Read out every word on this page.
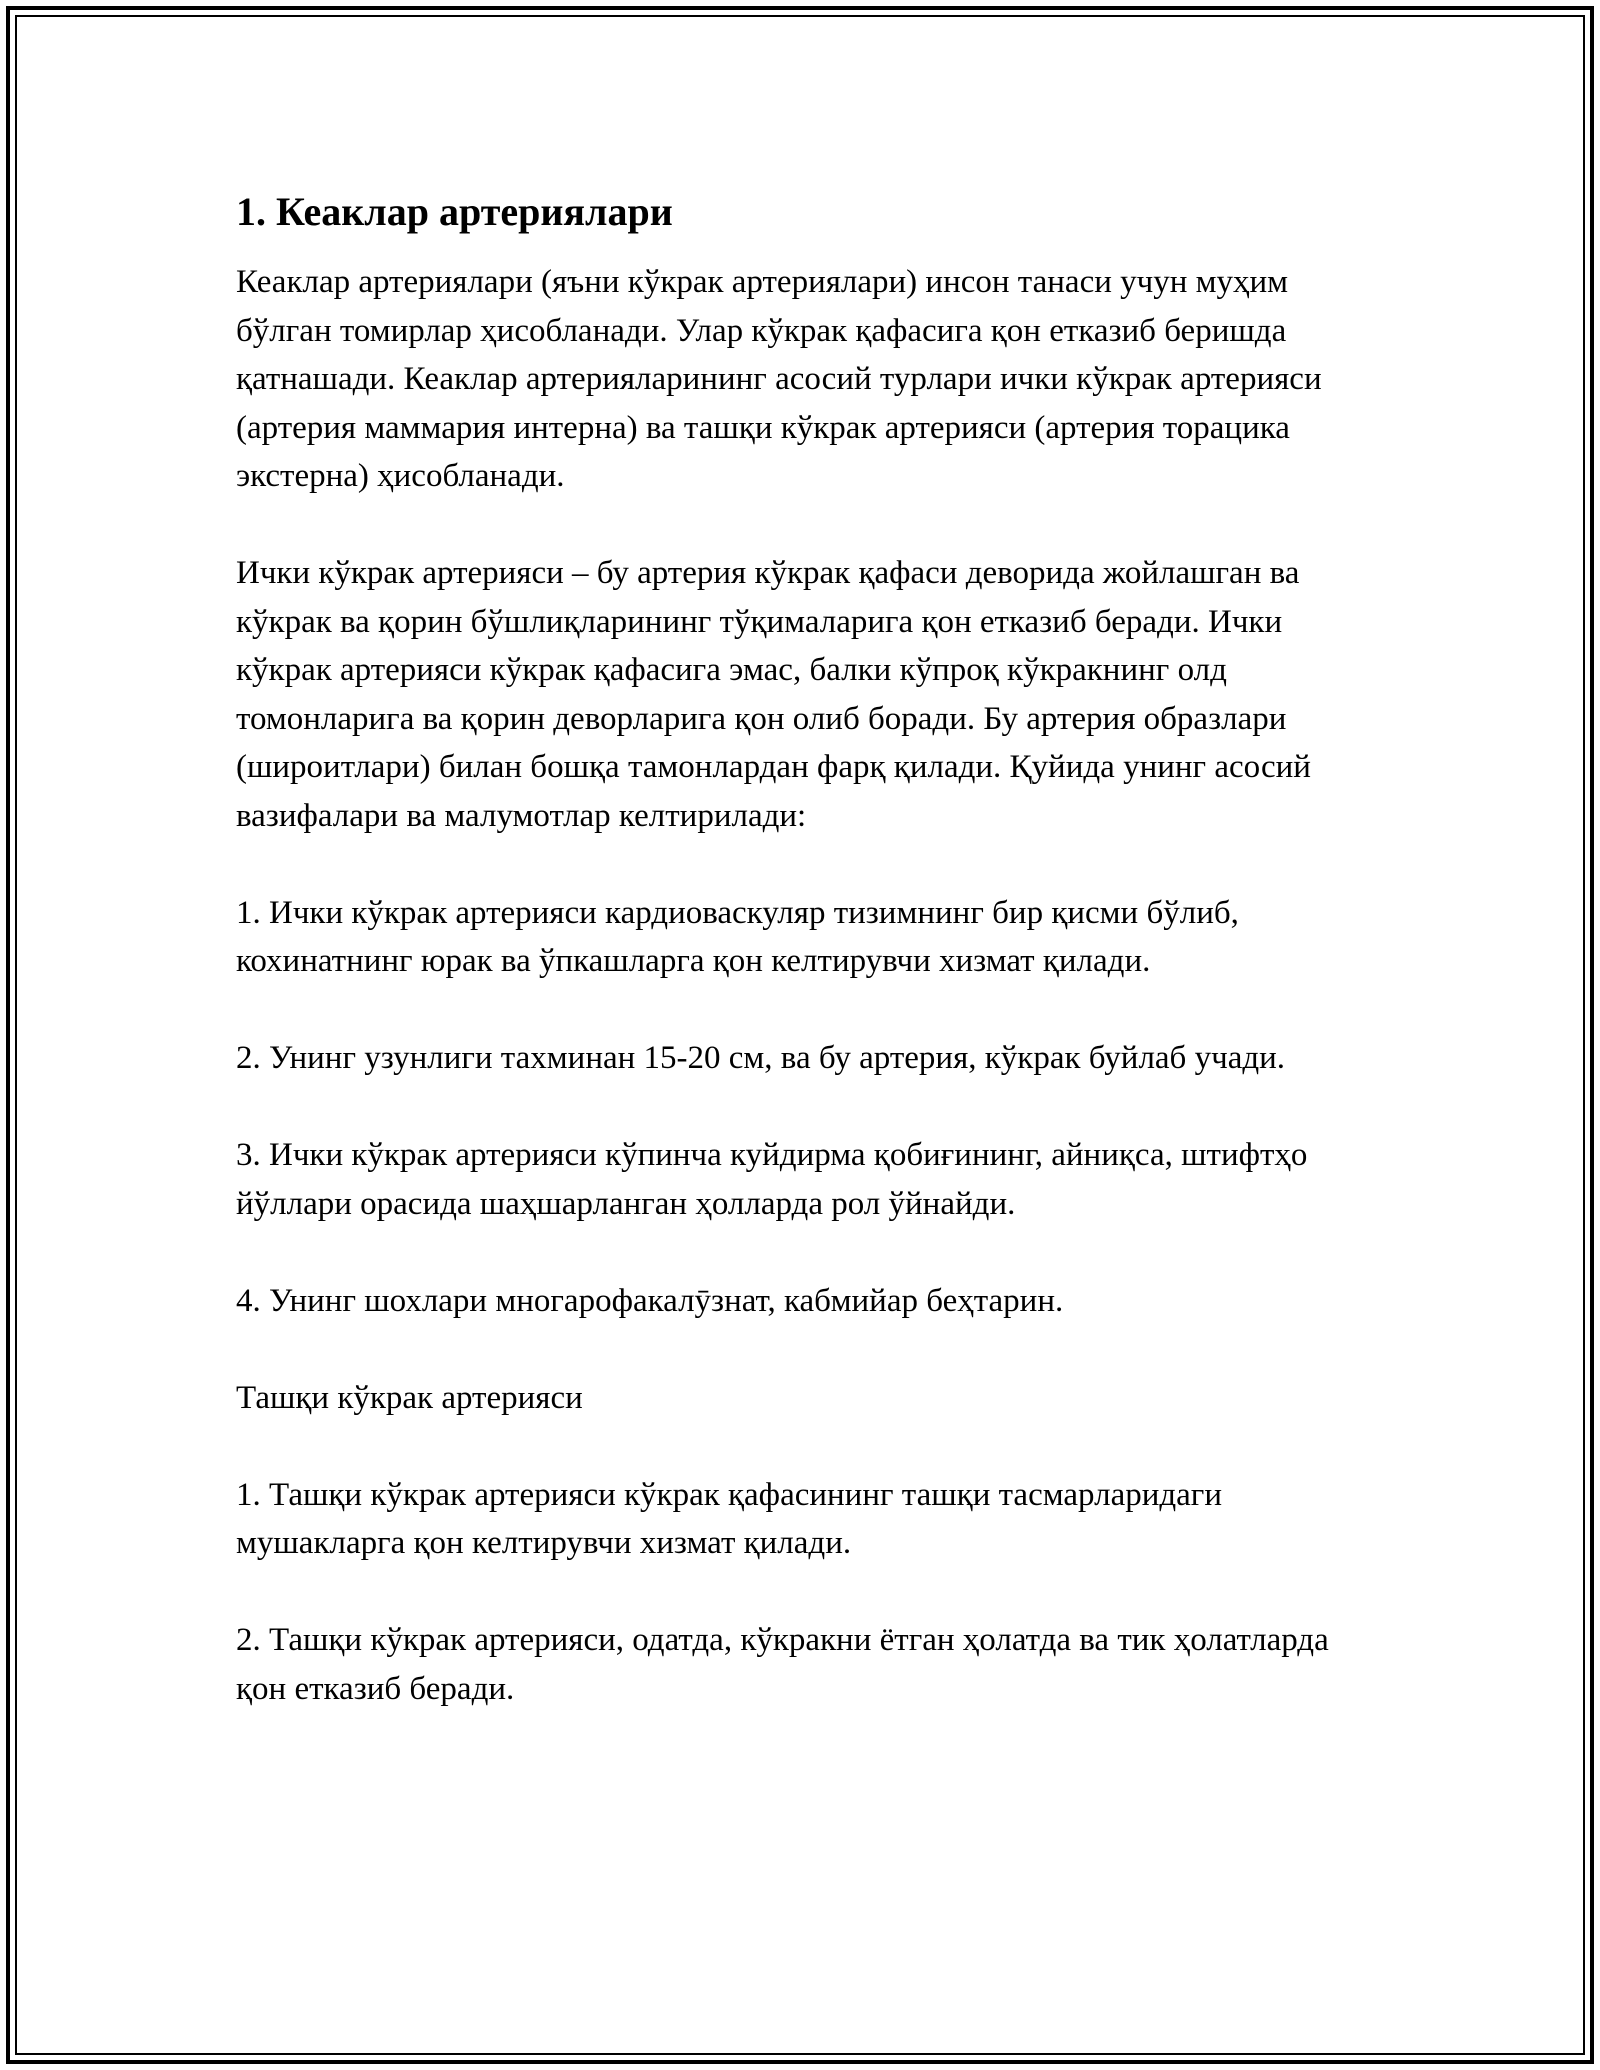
1. Кеаклар артериялари

Кеаклар артериялари (яъни кўкрак артериялари) инсон танаси учун муҳим бўлган томирлар ҳисобланади. Улар кўкрак қафасига қон етказиб беришда қатнашади. Кеаклар артерияларининг асосий турлари ички кўкрак артерияси (артерия маммария интерна) ва ташқи кўкрак артерияси (артерия торацика экстерна) ҳисобланади.

Ички кўкрак артерияси – бу артерия кўкрак қафаси деворида жойлашган ва кўкрак ва қорин бўшлиқларининг тўқималарига қон етказиб беради. Ички кўкрак артерияси кўкрак қафасига эмас, балки кўпроқ кўкракнинг олд томонларига ва қорин деворларига қон олиб боради. Бу артерия образлари (широитлари) билан бошқа тамонлардан фарқ қилади. Қуйида унинг асосий вазифалари ва малумотлар келтирилади:

1. Ички кўкрак артерияси кардиоваскуляр тизимнинг бир қисми бўлиб, кохинатнинг юрак ва ўпкашларга қон келтирувчи хизмат қилади.

2. Унинг узунлиги тахминан 15-20 см, ва бу артерия, кўкрак буйлаб учади.

3. Ички кўкрак артерияси кўпинча куйдирма қобиғининг, айниқса, штифтҳо йўллари орасида шаҳшарланган ҳолларда рол ўйнайди.

4. Унинг шохлари многарофакалӯзнат, кабмийар беҳтарин.

Ташқи кўкрак артерияси

1. Ташқи кўкрак артерияси кўкрак қафасининг ташқи тасмарларидаги мушакларга қон келтирувчи хизмат қилади.

2. Ташқи кўкрак артерияси, одатда, кўкракни ётган ҳолатда ва тик ҳолатларда қон етказиб беради.
